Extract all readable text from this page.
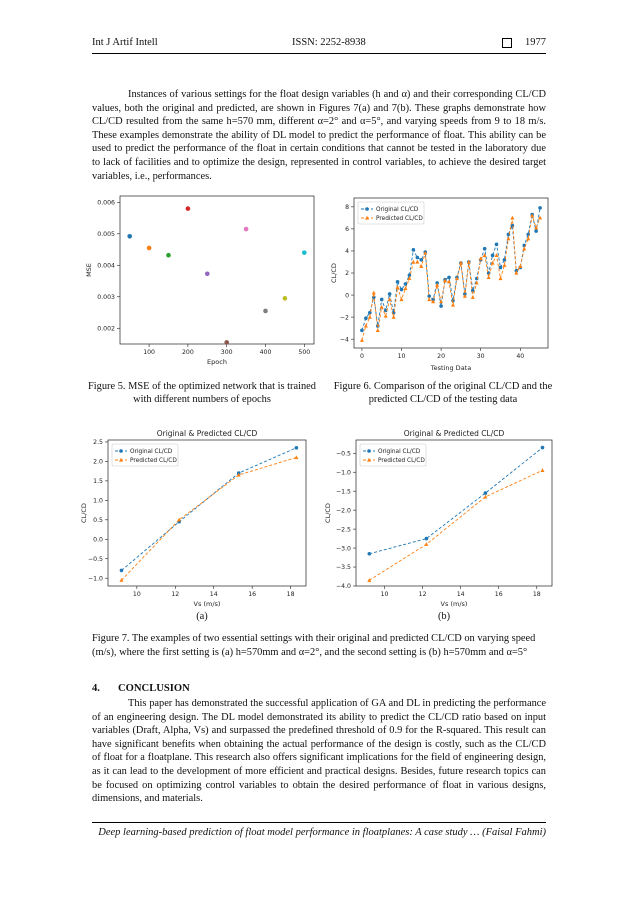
Int J Artif Intell	ISSN: 2252-8938	1977

Instances of various settings for the float design variables (h and α) and their corresponding CL/CD values, both the original and predicted, are shown in Figures 7(a) and 7(b). These graphs demonstrate how CL/CD resulted from the same h=570 mm, different α=2° and α=5°, and varying speeds from 9 to 18 m/s. These examples demonstrate the ability of DL model to predict the performance of float. This ability can be used to predict the performance of the float in certain conditions that cannot be tested in the laboratory due to lack of facilities and to optimize the design, represented in control variables, to achieve the desired target variables, i.e., performances.

100	200	300	400	500
0.002
0.003
0.004
0.005
0.006
Epoch
MSE
0	10	20	30	40
−4
−2
0
2
4
6
8
Testing Data
CL/CD
Original CL/CD
Predicted CL/CD

Figure 5. MSE of the optimized network that is trained with different numbers of epochs

Figure 6. Comparison of the original CL/CD and the predicted CL/CD of the testing data

Original & Predicted CL/CD
10	12	14	16	18
−1.0
−0.5
0.0
0.5
1.0
1.5
2.0
2.5
Vs (m/s)
CL/CD
Original CL/CD
Predicted CL/CD
Original & Predicted CL/CD
10	12	14	16	18
−4.0
−3.5
−3.0
−2.5
−2.0
−1.5
−1.0
−0.5
Vs (m/s)
CL/CD
Original CL/CD
Predicted CL/CD
(a)	(b)

Figure 7. The examples of two essential settings with their original and predicted CL/CD on varying speed (m/s), where the first setting is (a) h=570mm and α=2°, and the second setting is (b) h=570mm and α=5°

4. CONCLUSION

This paper has demonstrated the successful application of GA and DL in predicting the performance of an engineering design. The DL model demonstrated its ability to predict the CL/CD ratio based on input variables (Draft, Alpha, Vs) and surpassed the predefined threshold of 0.9 for the R-squared. This result can have significant benefits when obtaining the actual performance of the design is costly, such as the CL/CD of float for a floatplane. This research also offers significant implications for the field of engineering design, as it can lead to the development of more efficient and practical designs. Besides, future research topics can be focused on optimizing control variables to obtain the desired performance of float in various designs, dimensions, and materials.

Deep learning-based prediction of float model performance in floatplanes: A case study … (Faisal Fahmi)
